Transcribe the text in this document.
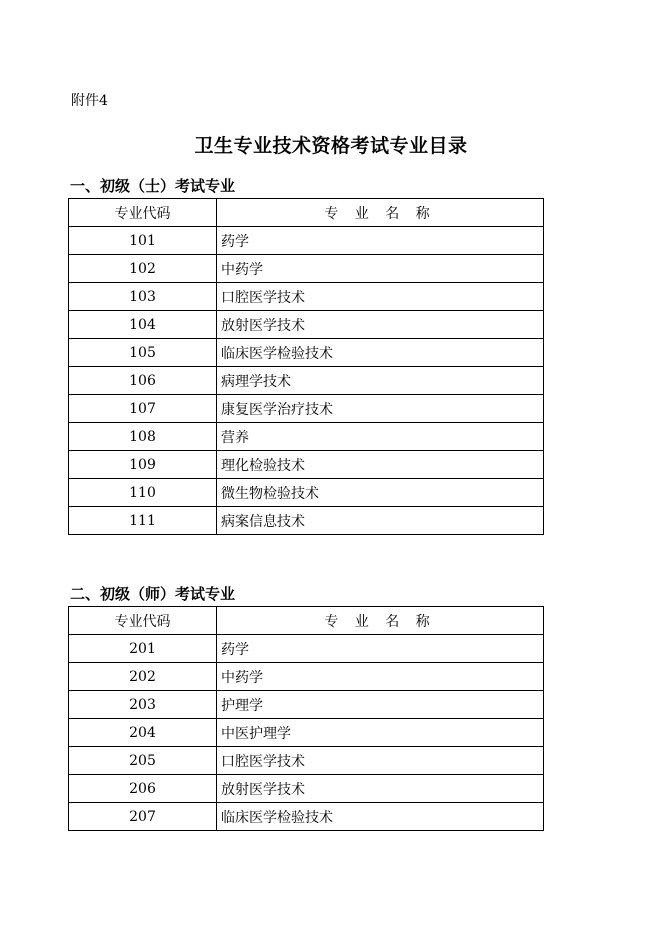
附件4
卫生专业技术资格考试专业目录
一、初级（士）考试专业
专业代码	专 业 名 称
101	药学
102	中药学
103	口腔医学技术
104	放射医学技术
105	临床医学检验技术
106	病理学技术
107	康复医学治疗技术
108	营养
109	理化检验技术
110	微生物检验技术
111	病案信息技术
二、初级（师）考试专业
专业代码	专 业 名 称
201	药学
202	中药学
203	护理学
204	中医护理学
205	口腔医学技术
206	放射医学技术
207	临床医学检验技术
